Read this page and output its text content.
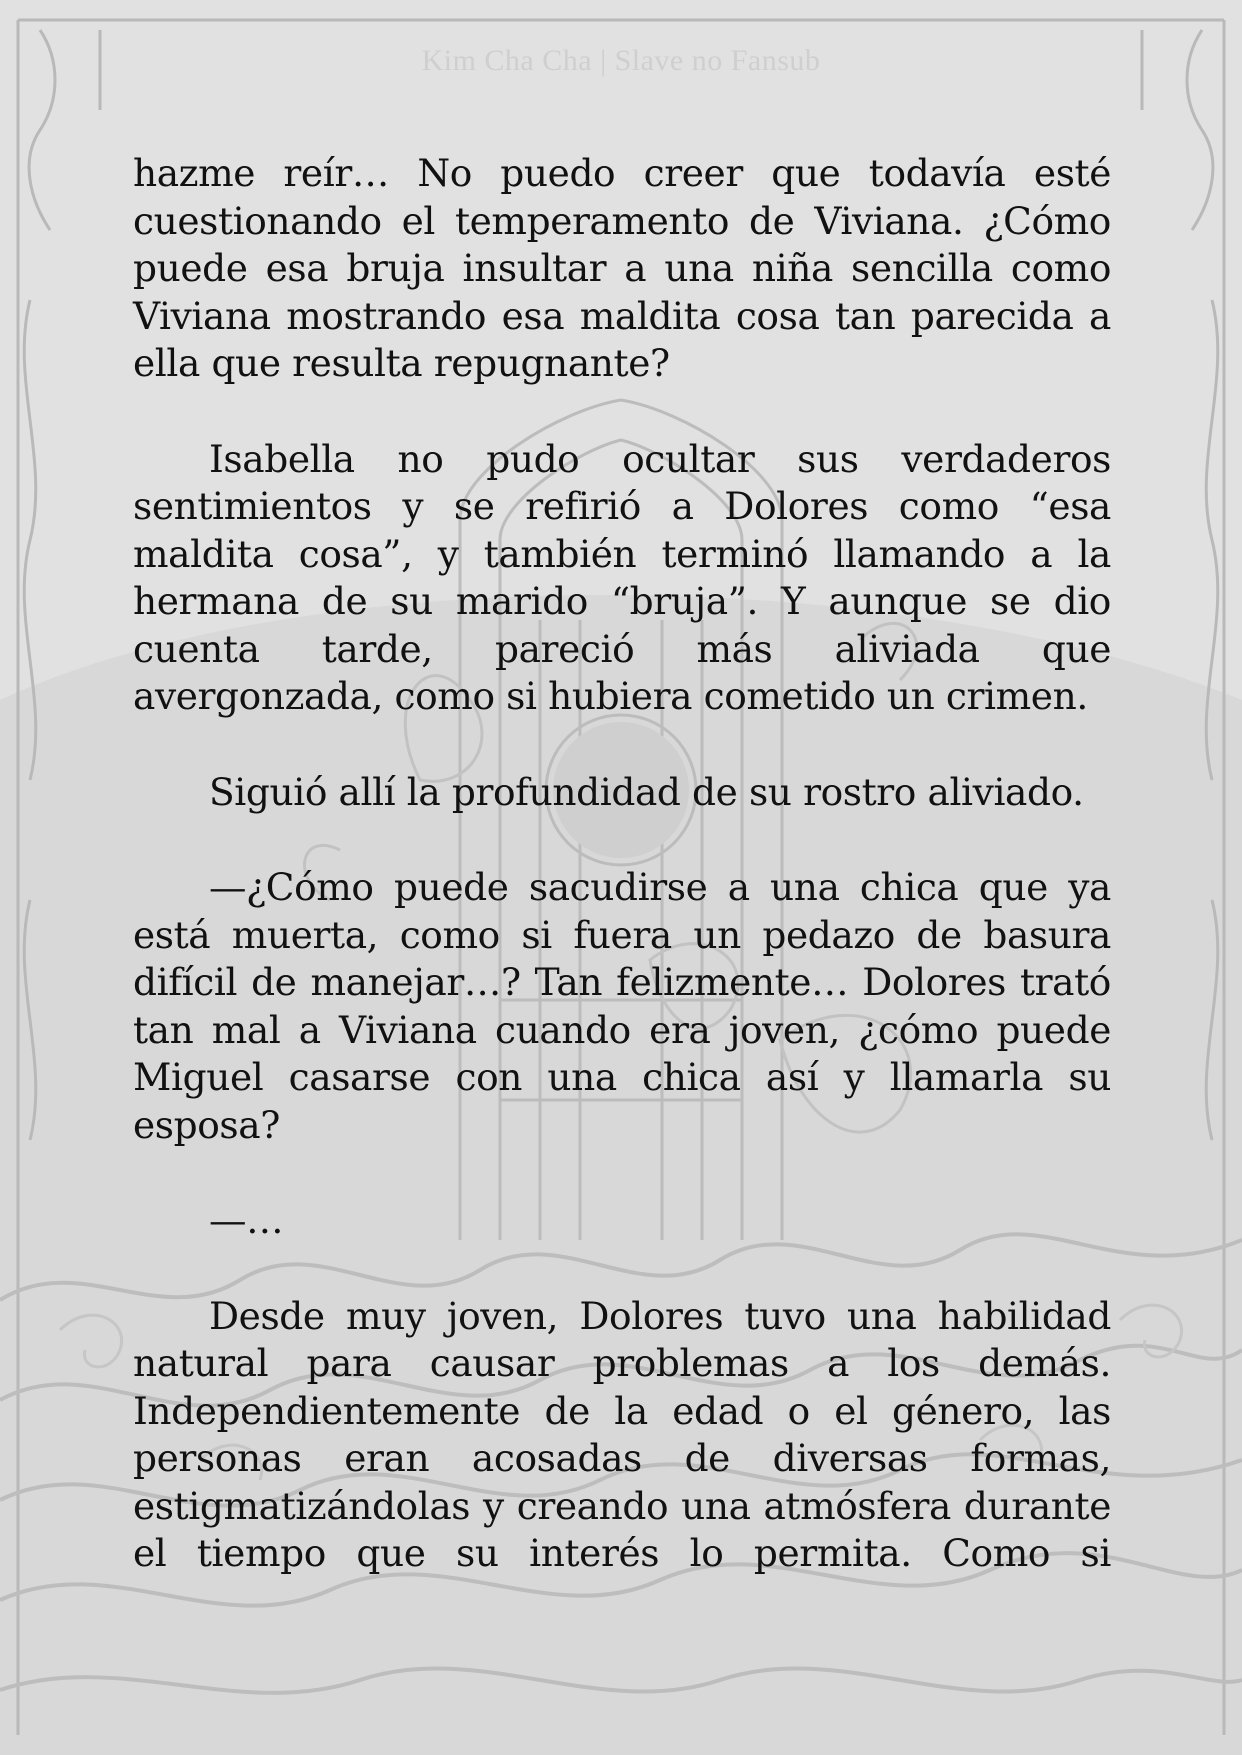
Kim Cha Cha | Slave no Fansub

hazme reír… No puedo creer que todavía esté cuestionando el temperamento de Viviana. ¿Cómo puede esa bruja insultar a una niña sencilla como Viviana mostrando esa maldita cosa tan parecida a ella que resulta repugnante?

Isabella no pudo ocultar sus verdaderos sentimientos y se refirió a Dolores como “esa maldita cosa”, y también terminó llamando a la hermana de su marido “bruja”. Y aunque se dio cuenta tarde, pareció más aliviada que avergonzada, como si hubiera cometido un crimen.

Siguió allí la profundidad de su rostro aliviado.

—¿Cómo puede sacudirse a una chica que ya está muerta, como si fuera un pedazo de basura difícil de manejar…? Tan felizmente… Dolores trató tan mal a Viviana cuando era joven, ¿cómo puede Miguel casarse con una chica así y llamarla su esposa?

—…

Desde muy joven, Dolores tuvo una habilidad natural para causar problemas a los demás. Independientemente de la edad o el género, las personas eran acosadas de diversas formas, estigmatizándolas y creando una atmósfera durante el tiempo que su interés lo permita. Como si
